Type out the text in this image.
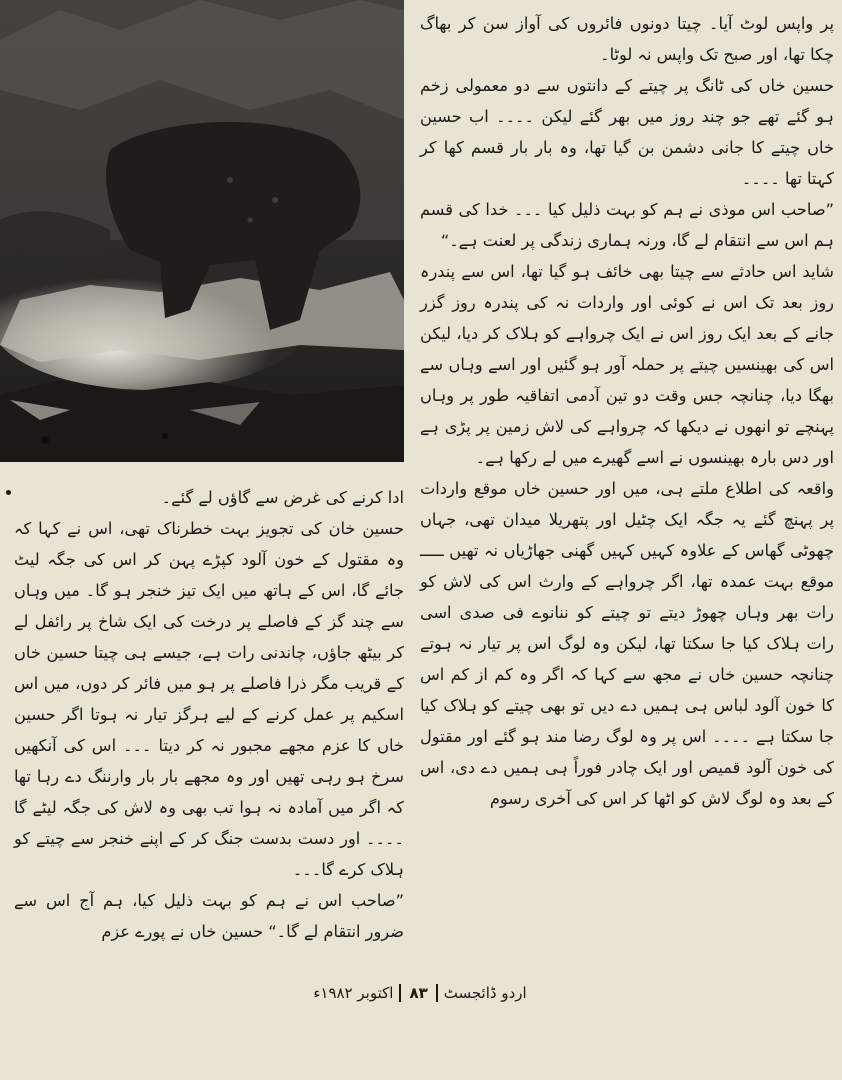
پر واپس لوٹ آیا۔ چیتا دونوں فائروں کی آواز سن کر بھاگ چکا تھا، اور صبح تک واپس نہ لوٹا۔

حسین خاں کی ٹانگ پر چیتے کے دانتوں سے دو معمولی زخم ہو گئے تھے جو چند روز میں بھر گئے لیکن ۔۔۔۔ اب حسین خاں چیتے کا جانی دشمن بن گیا تھا، وہ بار بار قسم کھا کر کہتا تھا ۔۔۔۔

”صاحب اس موذی نے ہم کو بہت ذلیل کیا ۔۔۔ خدا کی قسم ہم اس سے انتقام لے گا، ورنہ ہماری زندگی پر لعنت ہے۔“

شاید اس حادثے سے چیتا بھی خائف ہو گیا تھا، اس سے پندرہ روز بعد تک اس نے کوئی اور واردات نہ کی پندرہ روز گزر جانے کے بعد ایک روز اس نے ایک چرواہے کو ہلاک کر دیا، لیکن اس کی بھینسیں چیتے پر حملہ آور ہو گئیں اور اسے وہاں سے بھگا دیا، چنانچہ جس وقت دو تین آدمی اتفاقیہ طور پر وہاں پہنچے تو انھوں نے دیکھا کہ چرواہے کی لاش زمین پر پڑی ہے اور دس بارہ بھینسوں نے اسے گھیرے میں لے رکھا ہے۔

واقعہ کی اطلاع ملتے ہی، میں اور حسین خاں موقع واردات پر پہنچ گئے یہ جگہ ایک چٹیل اور پتھریلا میدان تھی، جہاں چھوٹی گھاس کے علاوہ کہیں کہیں گھنی جھاڑیاں نہ تھیں ـــــ موقع بہت عمدہ تھا، اگر چرواہے کے وارث اس کی لاش کو رات بھر وہاں چھوڑ دیتے تو چیتے کو ننانوے فی صدی اسی رات ہلاک کیا جا سکتا تھا، لیکن وہ لوگ اس پر تیار نہ ہوتے چنانچہ حسین خاں نے مجھ سے کہا کہ اگر وہ کم از کم اس کا خون آلود لباس ہی ہمیں دے دیں تو بھی چیتے کو ہلاک کیا جا سکتا ہے ۔۔۔۔ اس پر وہ لوگ رضا مند ہو گئے اور مقتول کی خون آلود قمیص اور ایک چادر فوراً ہی ہمیں دے دی، اس کے بعد وہ لوگ لاش کو اٹھا کر اس کی آخری رسوم

ادا کرنے کی غرض سے گاؤں لے گئے۔

حسین خان کی تجویز بہت خطرناک تھی، اس نے کہا کہ وہ مقتول کے خون آلود کپڑے پہن کر اس کی جگہ لیٹ جائے گا، اس کے ہاتھ میں ایک تیز خنجر ہو گا۔ میں وہاں سے چند گز کے فاصلے پر درخت کی ایک شاخ پر رائفل لے کر بیٹھ جاؤں، چاندنی رات ہے، جیسے ہی چیتا حسین خاں کے قریب مگر ذرا فاصلے پر ہو میں فائر کر دوں، میں اس اسکیم پر عمل کرنے کے لیے ہرگز تیار نہ ہوتا اگر حسین خاں کا عزم مجھے مجبور نہ کر دیتا ۔۔۔ اس کی آنکھیں سرخ ہو رہی تھیں اور وہ مجھے بار بار وارننگ دے رہا تھا کہ اگر میں آمادہ نہ ہوا تب بھی وہ لاش کی جگہ لیٹے گا ۔۔۔۔ اور دست بدست جنگ کر کے اپنے خنجر سے چیتے کو ہلاک کرے گا۔۔۔

”صاحب اس نے ہم کو بہت ذلیل کیا، ہم آج اس سے ضرور انتقام لے گا۔“ حسین خاں نے پورے عزم

اردو ڈائجسٹ
۸۳
اکتوبر ۱۹۸۲ء
